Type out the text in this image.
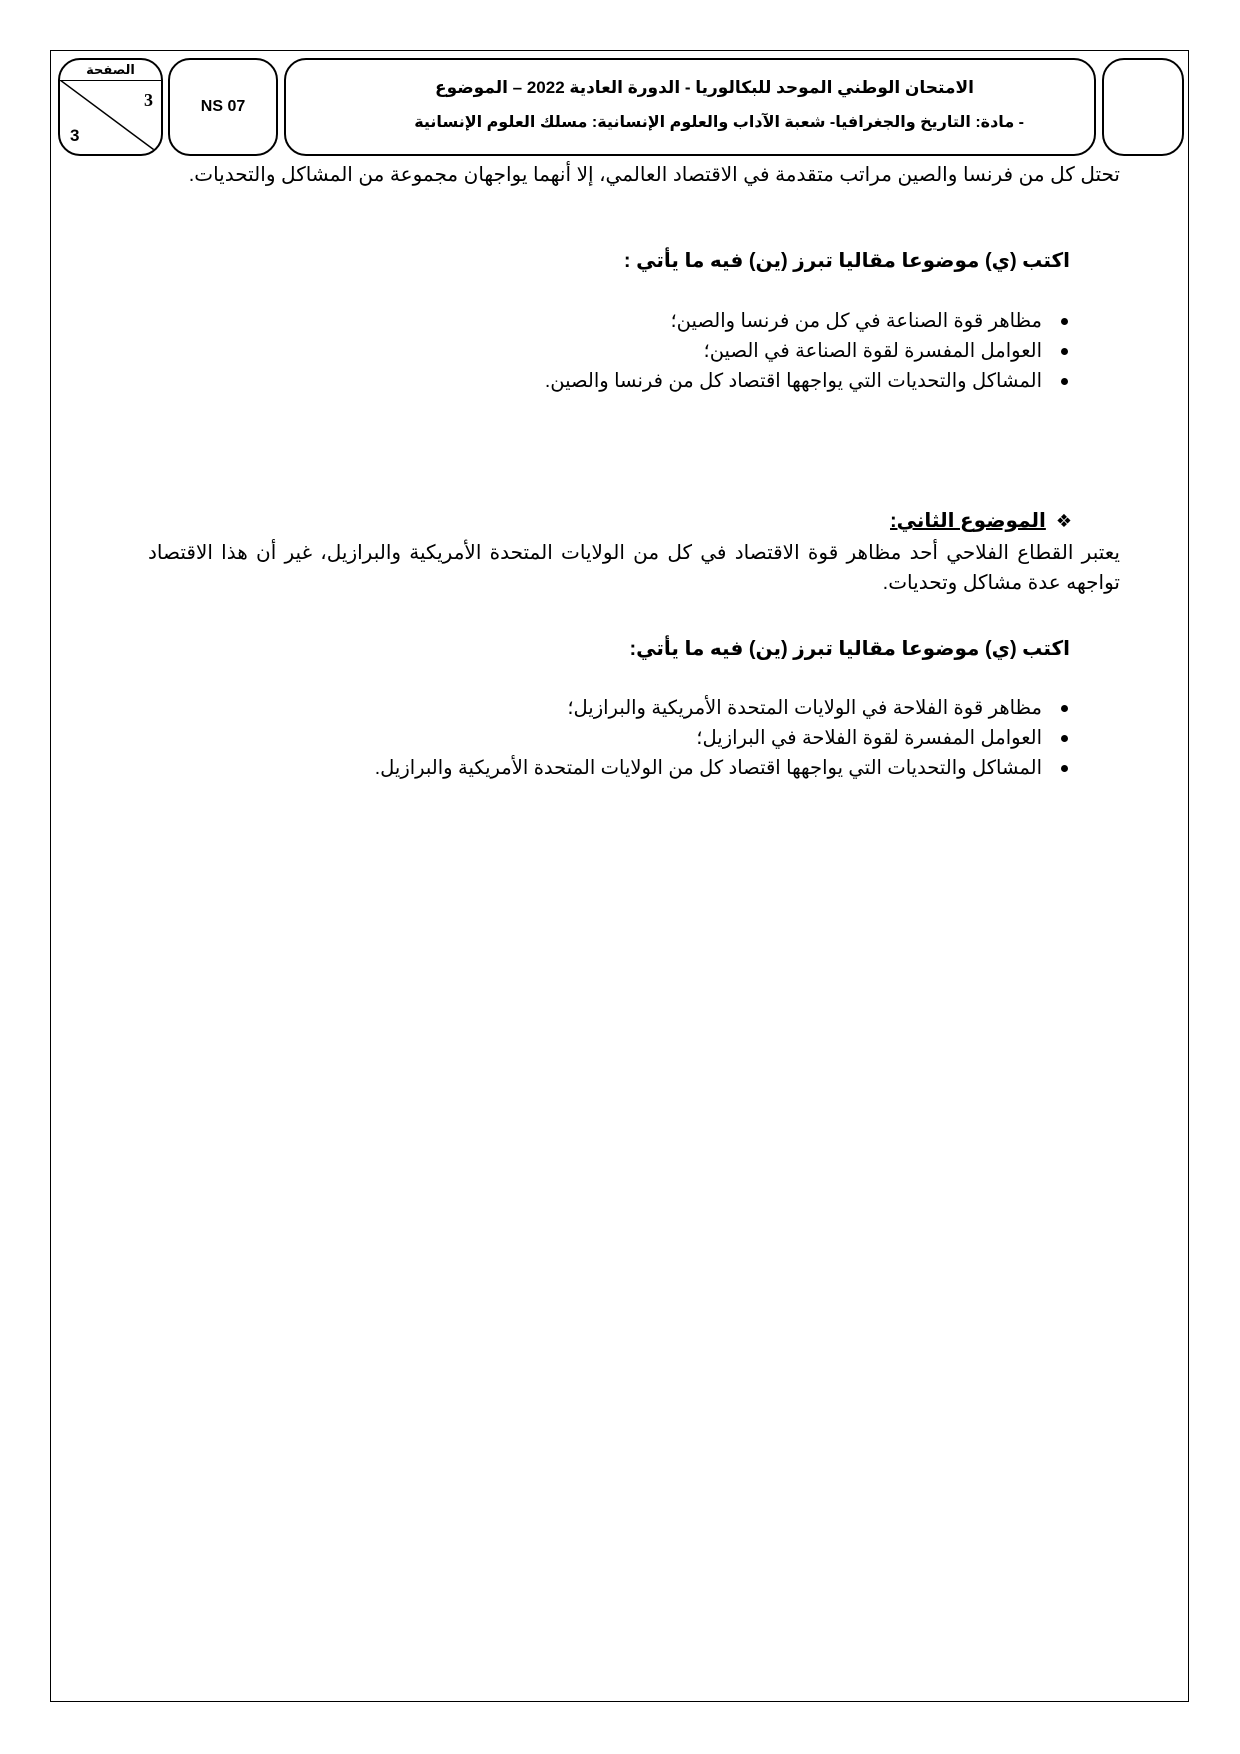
الصفحة
3
3
NS 07
الامتحان الوطني الموحد للبكالوريا - الدورة العادية 2022 – الموضوع
- مادة: التاريخ والجغرافيا- شعبة الآداب والعلوم الإنسانية: مسلك العلوم الإنسانية
تحتل كل من فرنسا والصين مراتب متقدمة في الاقتصاد العالمي، إلا أنهما يواجهان مجموعة من المشاكل والتحديات.
اكتب (ي) موضوعا مقاليا تبرز (ين) فيه ما يأتي :
مظاهر قوة الصناعة في كل من فرنسا والصين؛
العوامل المفسرة لقوة الصناعة في الصين؛
المشاكل والتحديات التي يواجهها اقتصاد كل من فرنسا والصين.
❖الموضوع الثاني:
يعتبر القطاع الفلاحي أحد مظاهر قوة الاقتصاد في كل من الولايات المتحدة الأمريكية والبرازيل، غير أن هذا الاقتصاد تواجهه عدة مشاكل وتحديات.
اكتب (ي) موضوعا مقاليا تبرز (ين) فيه ما يأتي:
مظاهر قوة الفلاحة في الولايات المتحدة الأمريكية والبرازيل؛
العوامل المفسرة لقوة الفلاحة في البرازيل؛
المشاكل والتحديات التي يواجهها اقتصاد كل من الولايات المتحدة الأمريكية والبرازيل.
